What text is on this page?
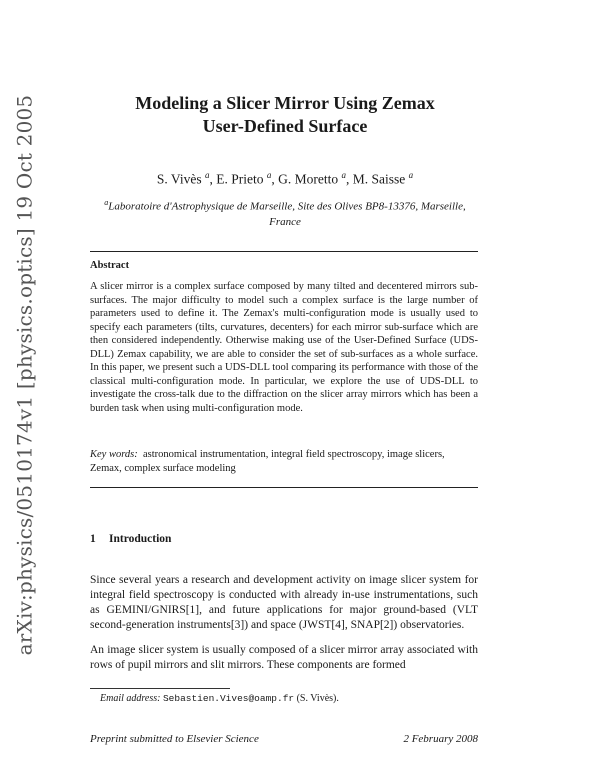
arXiv:physics/0510174v1 [physics.optics] 19 Oct 2005	Modeling a Slicer Mirror Using Zemax
User-Defined Surface
S. Vivès $^a$, E. Prieto $^a$, G. Moretto $^a$, M. Saisse $^a$
$^a$Laboratoire d'Astrophysique de Marseille, Site des Olives BP8-13376, Marseille,
France
Abstract
A slicer mirror is a complex surface composed by many tilted and decentered mirrors sub-surfaces. The major difficulty to model such a complex surface is the large number of parameters used to define it. The Zemax's multi-configuration mode is usually used to specify each parameters (tilts, curvatures, decenters) for each mirror sub-surface which are then considered independently. Otherwise making use of the User-Defined Surface (UDS-DLL) Zemax capability, we are able to consider the set of sub-surfaces as a whole surface. In this paper, we present such a UDS-DLL tool comparing its performance with those of the classical multi-configuration mode. In particular, we explore the use of UDS-DLL to investigate the cross-talk due to the diffraction on the slicer array mirrors which has been a burden task when using multi-configuration mode.
Key words: astronomical instrumentation, integral field spectroscopy, image slicers, Zemax, complex surface modeling
1 Introduction
Since several years a research and development activity on image slicer system for integral field spectroscopy is conducted with already in-use instrumentations, such as GEMINI/GNIRS[1], and future applications for major ground-based (VLT second-generation instruments[3]) and space (JWST[4], SNAP[2]) observatories.
An image slicer system is usually composed of a slicer mirror array associated with rows of pupil mirrors and slit mirrors. These components are formed
Email address: Sebastien.Vives@oamp.fr (S. Vivès).
Preprint submitted to Elsevier Science	2 February 2008
